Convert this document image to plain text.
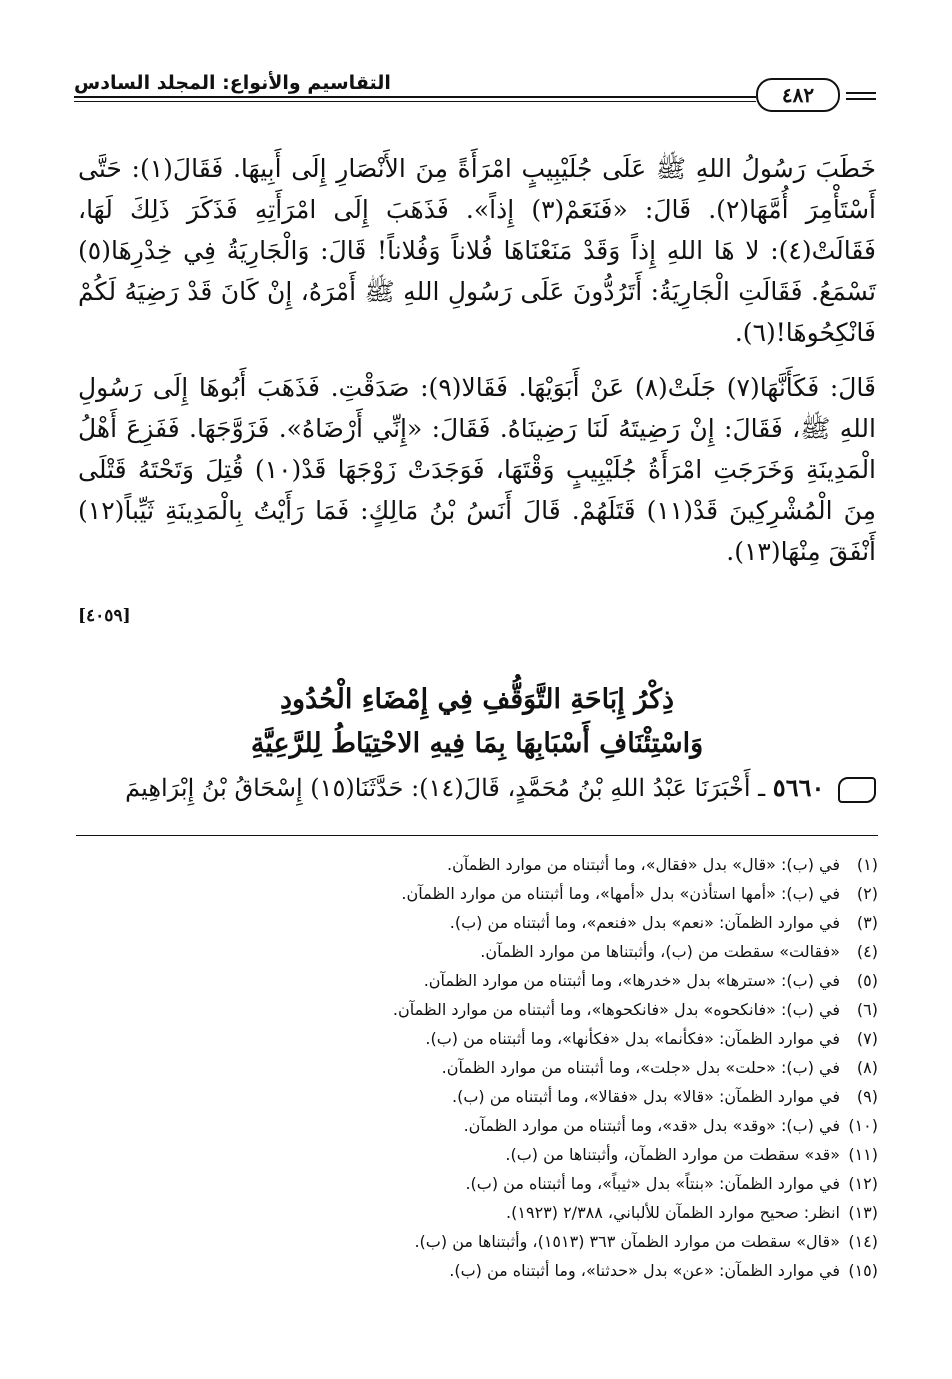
التقاسيم والأنواع: المجلد السادس	٤٨٢

خَطَبَ رَسُولُ اللهِ ﷺ عَلَى جُلَيْبِيبٍ امْرَأَةً مِنَ الأَنْصَارِ إِلَى أَبِيهَا. فَقَالَ(١): حَتَّى أَسْتَأْمِرَ أُمَّهَا(٢). قَالَ: «فَنَعَمْ(٣) إِذاً». فَذَهَبَ إِلَى امْرَأَتِهِ فَذَكَرَ ذَلِكَ لَهَا، فَقَالَتْ(٤): لا هَا اللهِ إِذاً وَقَدْ مَنَعْنَاهَا فُلاناً وَفُلاناً! قَالَ: وَالْجَارِيَةُ فِي خِدْرِهَا(٥) تَسْمَعُ. فَقَالَتِ الْجَارِيَةُ: أَتَرُدُّونَ عَلَى رَسُولِ اللهِ ﷺ أَمْرَهُ، إِنْ كَانَ قَدْ رَضِيَهُ لَكُمْ فَانْكِحُوهَا!(٦).

قَالَ: فَكَأَنَّهَا(٧) جَلَتْ(٨) عَنْ أَبَوَيْهَا. فَقَالا(٩): صَدَقْتِ. فَذَهَبَ أَبُوهَا إِلَى رَسُولِ اللهِ ﷺ، فَقَالَ: إِنْ رَضِيتَهُ لَنَا رَضِينَاهُ. فَقَالَ: «إِنِّي أَرْضَاهُ». فَزَوَّجَهَا. فَفَزِعَ أَهْلُ الْمَدِينَةِ وَخَرَجَتِ امْرَأَةُ جُلَيْبِيبٍ وَقْتَهَا، فَوَجَدَتْ زَوْجَهَا قَدْ(١٠) قُتِلَ وَتَحْتَهُ قَتْلَى مِنَ الْمُشْرِكِينَ قَدْ(١١) قَتَلَهُمْ. قَالَ أَنَسُ بْنُ مَالِكٍ: فَمَا رَأَيْتُ بِالْمَدِينَةِ ثَيِّباً(١٢) أَنْفَقَ مِنْهَا(١٣).

[٤٠٥٩]
ذِكْرُ إِبَاحَةِ التَّوَقُّفِ فِي إِمْضَاءِ الْحُدُودِ
وَاسْتِئْنَافِ أَسْبَابِهَا بِمَا فِيهِ الاحْتِيَاطُ لِلرَّعِيَّةِ
٥٦٦٠ ـ أَخْبَرَنَا عَبْدُ اللهِ بْنُ مُحَمَّدٍ، قَالَ(١٤): حَدَّثَنَا(١٥) إِسْحَاقُ بْنُ إِبْرَاهِيمَ
(١)في (ب): «قال» بدل «فقال»، وما أثبتناه من موارد الظمآن.
(٢)في (ب): «أمها استأذن» بدل «أمها»، وما أثبتناه من موارد الظمآن.
(٣)في موارد الظمآن: «نعم» بدل «فنعم»، وما أثبتناه من (ب).
(٤)«فقالت» سقطت من (ب)، وأثبتناها من موارد الظمآن.
(٥)في (ب): «سترها» بدل «خدرها»، وما أثبتناه من موارد الظمآن.
(٦)في (ب): «فانكحوه» بدل «فانكحوها»، وما أثبتناه من موارد الظمآن.
(٧)في موارد الظمآن: «فكأنما» بدل «فكأنها»، وما أثبتناه من (ب).
(٨)في (ب): «حلت» بدل «جلت»، وما أثبتناه من موارد الظمآن.
(٩)في موارد الظمآن: «قالا» بدل «فقالا»، وما أثبتناه من (ب).
(١٠)في (ب): «وقد» بدل «قد»، وما أثبتناه من موارد الظمآن.
(١١)«قد» سقطت من موارد الظمآن، وأثبتناها من (ب).
(١٢)في موارد الظمآن: «بنتاً» بدل «ثيباً»، وما أثبتناه من (ب).
(١٣)انظر: صحيح موارد الظمآن للألباني، ٢/٣٨٨ (١٩٢٣).
(١٤)«قال» سقطت من موارد الظمآن ٣٦٣ (١٥١٣)، وأثبتناها من (ب).
(١٥)في موارد الظمآن: «عن» بدل «حدثنا»، وما أثبتناه من (ب).
